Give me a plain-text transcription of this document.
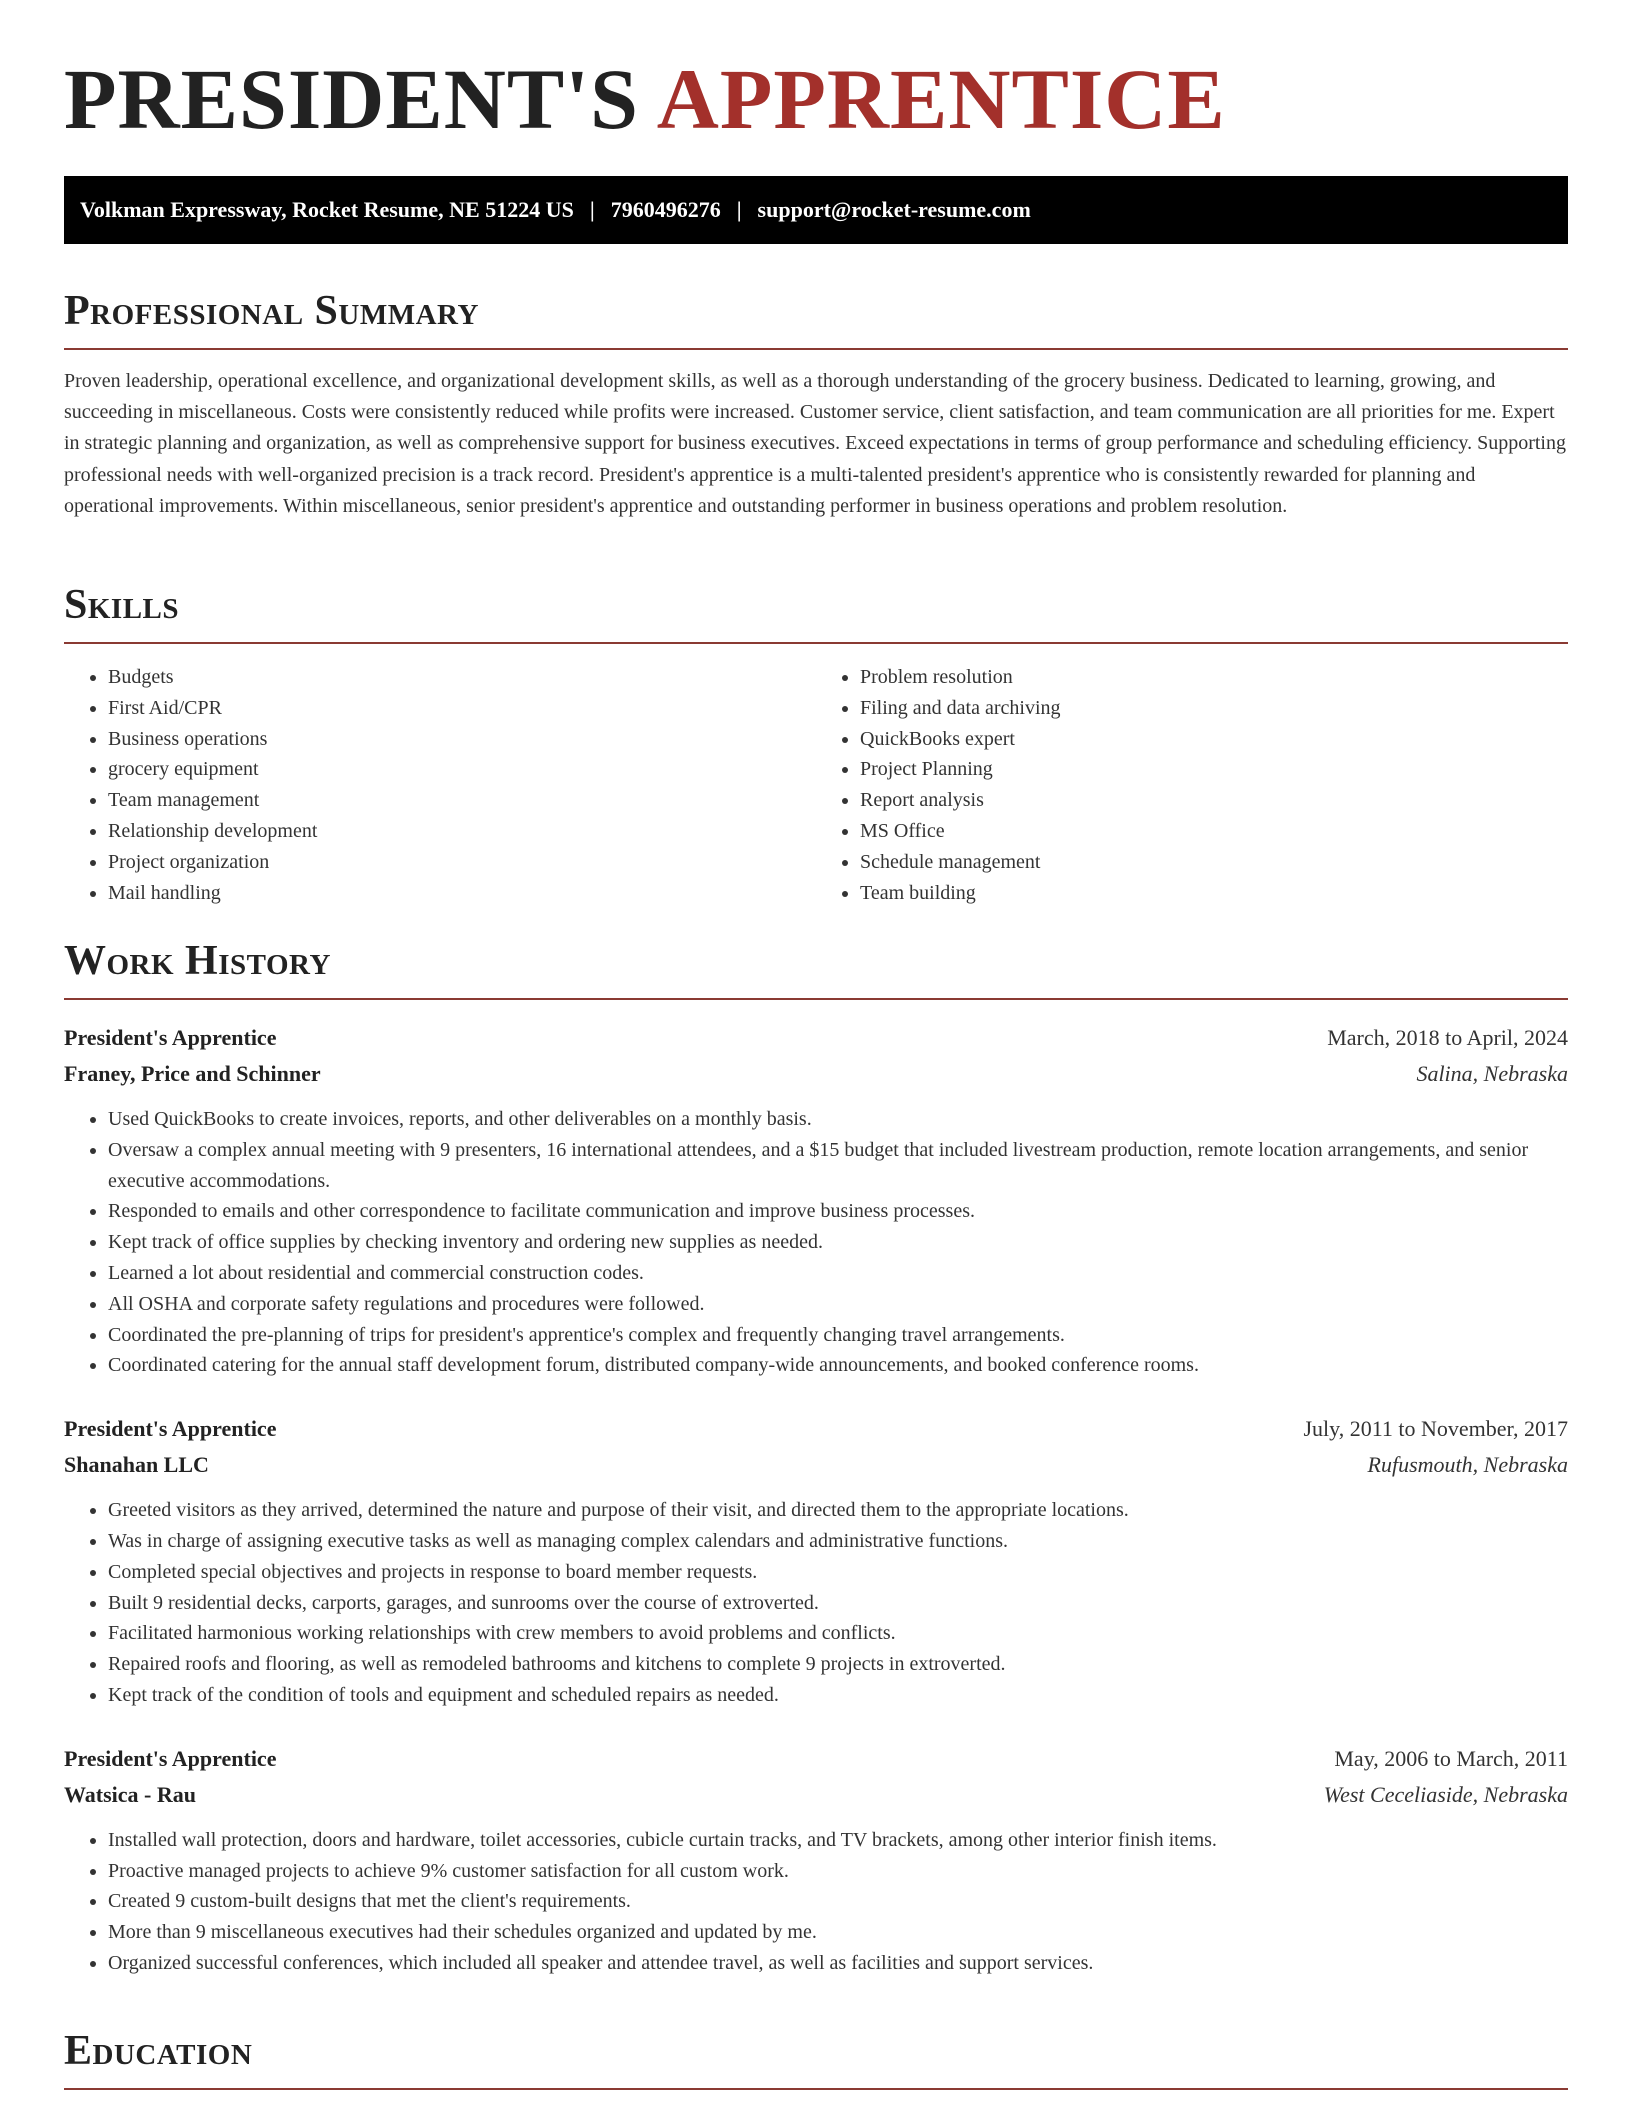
PRESIDENT'S APPRENTICE
Volkman Expressway, Rocket Resume, NE 51224 US | 7960496276 | support@rocket-resume.com
Professional Summary

Proven leadership, operational excellence, and organizational development skills, as well as a thorough understanding of the grocery business. Dedicated to learning, growing, and succeeding in miscellaneous. Costs were consistently reduced while profits were increased. Customer service, client satisfaction, and team communication are all priorities for me. Expert in strategic planning and organization, as well as comprehensive support for business executives. Exceed expectations in terms of group performance and scheduling efficiency. Supporting professional needs with well-organized precision is a track record. President's apprentice is a multi-talented president's apprentice who is consistently rewarded for planning and operational improvements. Within miscellaneous, senior president's apprentice and outstanding performer in business operations and problem resolution.

Skills
• Budgets
• First Aid/CPR
• Business operations
• grocery equipment
• Team management
• Relationship development
• Project organization
• Mail handling
• Problem resolution
• Filing and data archiving
• QuickBooks expert
• Project Planning
• Report analysis
• MS Office
• Schedule management
• Team building
Work History
President's Apprentice	March, 2018 to April, 2024
Franey, Price and Schinner	Salina, Nebraska
• Used QuickBooks to create invoices, reports, and other deliverables on a monthly basis.
• Oversaw a complex annual meeting with 9 presenters, 16 international attendees, and a $15 budget that included livestream production, remote location arrangements, and senior executive accommodations.
• Responded to emails and other correspondence to facilitate communication and improve business processes.
• Kept track of office supplies by checking inventory and ordering new supplies as needed.
• Learned a lot about residential and commercial construction codes.
• All OSHA and corporate safety regulations and procedures were followed.
• Coordinated the pre-planning of trips for president's apprentice's complex and frequently changing travel arrangements.
• Coordinated catering for the annual staff development forum, distributed company-wide announcements, and booked conference rooms.
President's Apprentice	July, 2011 to November, 2017
Shanahan LLC	Rufusmouth, Nebraska
• Greeted visitors as they arrived, determined the nature and purpose of their visit, and directed them to the appropriate locations.
• Was in charge of assigning executive tasks as well as managing complex calendars and administrative functions.
• Completed special objectives and projects in response to board member requests.
• Built 9 residential decks, carports, garages, and sunrooms over the course of extroverted.
• Facilitated harmonious working relationships with crew members to avoid problems and conflicts.
• Repaired roofs and flooring, as well as remodeled bathrooms and kitchens to complete 9 projects in extroverted.
• Kept track of the condition of tools and equipment and scheduled repairs as needed.
President's Apprentice	May, 2006 to March, 2011
Watsica - Rau	West Ceceliaside, Nebraska
• Installed wall protection, doors and hardware, toilet accessories, cubicle curtain tracks, and TV brackets, among other interior finish items.
• Proactive managed projects to achieve 9% customer satisfaction for all custom work.
• Created 9 custom-built designs that met the client's requirements.
• More than 9 miscellaneous executives had their schedules organized and updated by me.
• Organized successful conferences, which included all speaker and attendee travel, as well as facilities and support services.
Education
